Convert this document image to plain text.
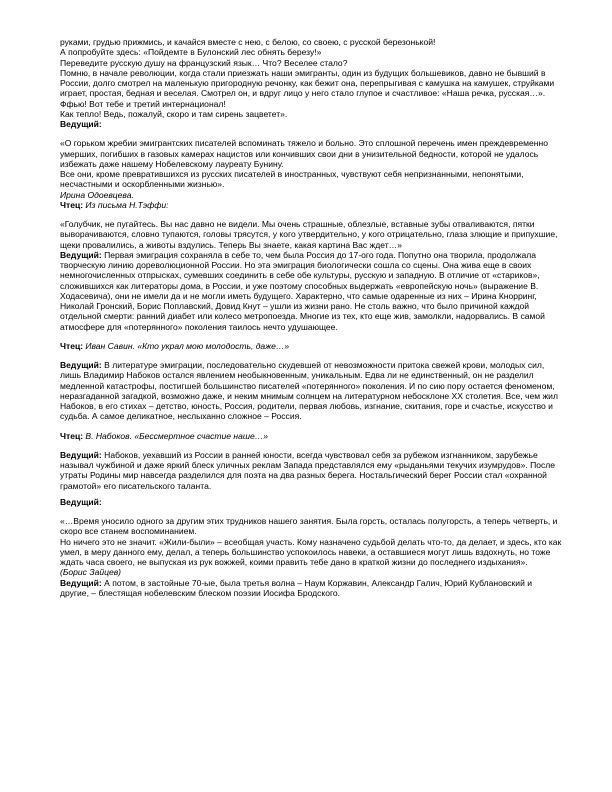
руками, грудью прижмись, и качайся вместе с нею, с белою, со своею, с русской березонькой!

А попробуйте здесь: «Пойдемте в Булонский лес обнять березу!»

Переведите русскую душу на французский язык… Что? Веселее стало?

Помню, в начале революции, когда стали приезжать наши эмигранты, один из будущих большевиков, давно не бывший в России, долго смотрел на маленькую пригородную речонку, как бежит она, перепрыгивая с камушка на камушек, струйками играет, простая, бедная и веселая. Смотрел он, и вдруг лицо у него стало глупое и счастливое: «Наша речка, русская…».

Ффью! Вот тебе и третий интернационал!

Как тепло! Ведь, пожалуй, скоро и там сирень зацветет».

Ведущий:

«О горьком жребии эмигрантских писателей вспоминать тяжело и больно. Это сплошной перечень имен преждевременно умерших, погибших в газовых камерах нацистов или кончивших свои дни в унизительной бедности, которой не удалось избежать даже нашему Нобелевскому лауреату Бунину.

Все они, кроме превратившихся из русских писателей в иностранных, чувствуют себя непризнанными, непонятыми, несчастными и оскорбленными жизнью».

Ирина Одоевцева.

Чтец: Из письма Н.Тэффи:

«Голубчик, не пугайтесь. Вы нас давно не видели. Мы очень страшные, облезлые, вставные зубы отваливаются, пятки выворачиваются, словно тупаются, головы трясутся, у кого утвердительно, у кого отрицательно, глаза злющие и припухшие, щеки провалились, а животы вздулись. Теперь Вы знаете, какая картина Вас ждет…»

Ведущий: Первая эмиграция сохраняла в себе то, чем была Россия до 17-ого года. Попутно она творила, продолжала творческую линию дореволюционной России. Но эта эмиграция биологически сошла со сцены. Она жива еще в своих немногочисленных отпрысках, сумевших соединить в себе обе культуры, русскую и западную. В отличие от «стариков», сложившихся как литераторы дома, в России, и уже поэтому способных выдержать «европейскую ночь» (выражение В. Ходасевича), они не имели да и не могли иметь будущего. Характерно, что самые одаренные из них – Ирина Кнорринг, Николай Гронский, Борис Поплавский, Довид Кнут – ушли из жизни рано. Не столь важно, что было причиной каждой отдельной смерти: ранний диабет или колесо метропоезда. Многие из тех, кто еще жив, замолкли, надорвались. В самой атмосфере для «потерянного» поколения таилось нечто удушающее.

Чтец: Иван Савин. «Кто украл мою молодость, даже…»

Ведущий: В литературе эмиграции, последовательно скудевшей от невозможности притока свежей крови, молодых сил, лишь Владимир Набоков остался явлением необыкновенным, уникальным. Едва ли не единственный, он не разделил медленной катастрофы, постигшей большинство писателей «потерянного» поколения. И по сию пору остается феноменом, неразгаданной загадкой, возможно даже, и неким мнимым солнцем на литературном небосклоне XX столетия. Все, чем жил Набоков, в его стихах – детство, юность, Россия, родители, первая любовь, изгнание, скитания, горе и счастье, искусство и судьба. А самое деликатное, неслыханно сложное – Россия.

Чтец: В. Набоков. «Бессмертное счастие наше…»

Ведущий: Набоков, уехавший из России в ранней юности, всегда чувствовал себя за рубежом изгнанником, зарубежье называл чужбиной и даже яркий блеск уличных реклам Запада представлялся ему «рыданьями текучих изумрудов». После утраты Родины мир навсегда разделился для поэта на два разных берега. Ностальгический берег России стал «охранной грамотой» его писательского таланта.

Ведущий:

«…Время уносило одного за другим этих трудников нашего занятия. Была горсть, осталась полугорсть, а теперь четверть, и скоро все станем воспоминанием.

Но ничего это не значит. «Жили-были» – всеобщая участь. Кому назначено судьбой делать что-то, да делает, и здесь, кто как умел, в меру данного ему, делал, а теперь большинство успокоилось навеки, а оставшиеся могут лишь вздохнуть, но тоже ждать часа своего, не выпуская из рук вожжей, коими править тебе дано в краткой жизни до последнего издыхания».

(Борис Зайцев)

Ведущий: А потом, в застойные 70-ые, была третья волна – Наум Коржавин, Александр Галич, Юрий Кублановский и другие, – блестящая нобелевским блеском поэзии Иосифа Бродского.
